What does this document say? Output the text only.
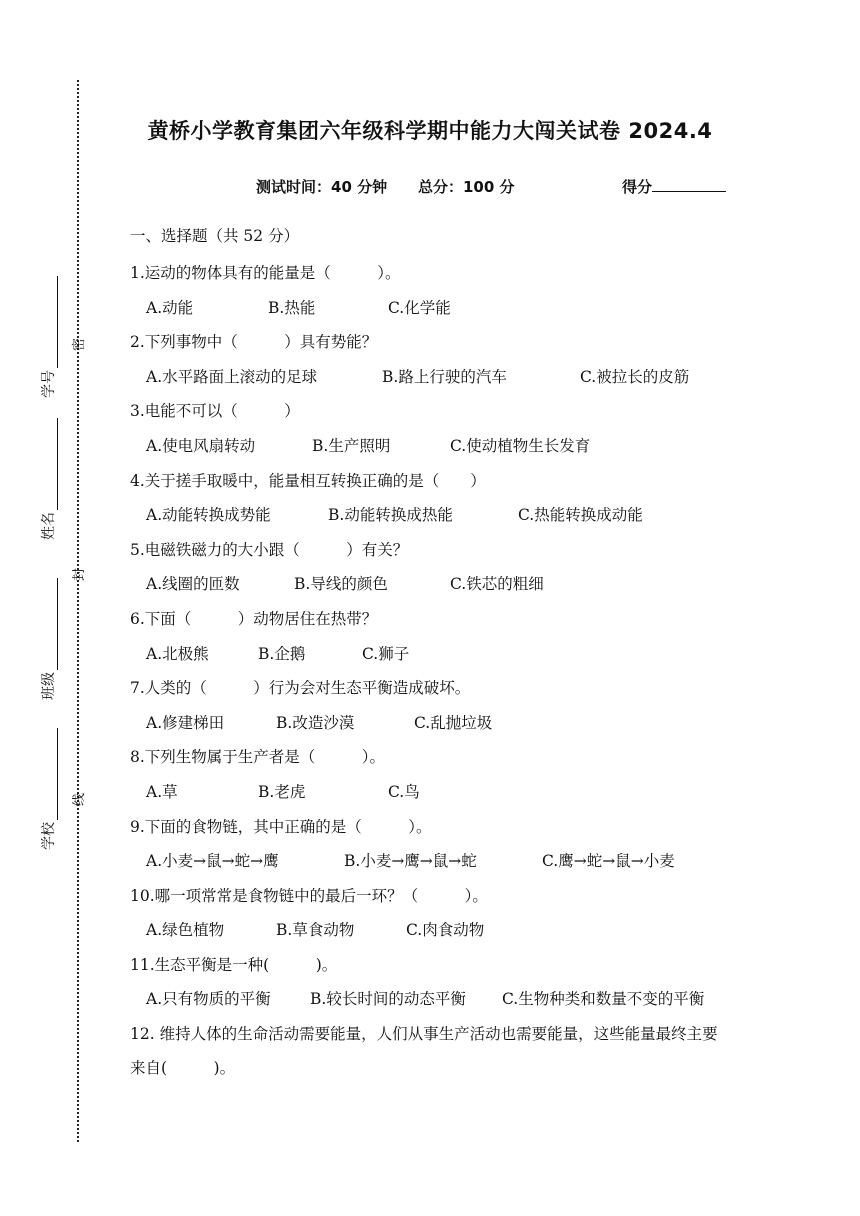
学号
姓名
班级
学校
密
封
线
黄桥小学教育集团六年级科学期中能力大闯关试卷 2024.4
测试时间：40 分钟 总分：100 分	得分
一、选择题（共 52 分）
1.运动的物体具有的能量是（　　　）。
A.动能	B.热能	C.化学能
2.下列事物中（　　　）具有势能？
A.水平路面上滚动的足球	B.路上行驶的汽车	C.被拉长的皮筋
3.电能不可以（　　　）
A.使电风扇转动	B.生产照明	C.使动植物生长发育
4.关于搓手取暖中，能量相互转换正确的是（　　）
A.动能转换成势能	B.动能转换成热能	C.热能转换成动能
5.电磁铁磁力的大小跟（　　　）有关？
A.线圈的匝数	B.导线的颜色	C.铁芯的粗细
6.下面（　　　）动物居住在热带？
A.北极熊	B.企鹅	C.狮子
7.人类的（　　　）行为会对生态平衡造成破坏。
A.修建梯田	B.改造沙漠	C.乱抛垃圾
8.下列生物属于生产者是（　　　）。
A.草	B.老虎	C.鸟
9.下面的食物链，其中正确的是（　　　）。
A.小麦→鼠→蛇→鹰	B.小麦→鹰→鼠→蛇	C.鹰→蛇→鼠→小麦
10.哪一项常常是食物链中的最后一环？（　　　）。
A.绿色植物	B.草食动物	C.肉食动物
11.生态平衡是一种(　　　)。
A.只有物质的平衡	B.较长时间的动态平衡 C.生物种类和数量不变的平衡
12. 维持人体的生命活动需要能量，人们从事生产活动也需要能量，这些能量最终主要来自(　　　)。
